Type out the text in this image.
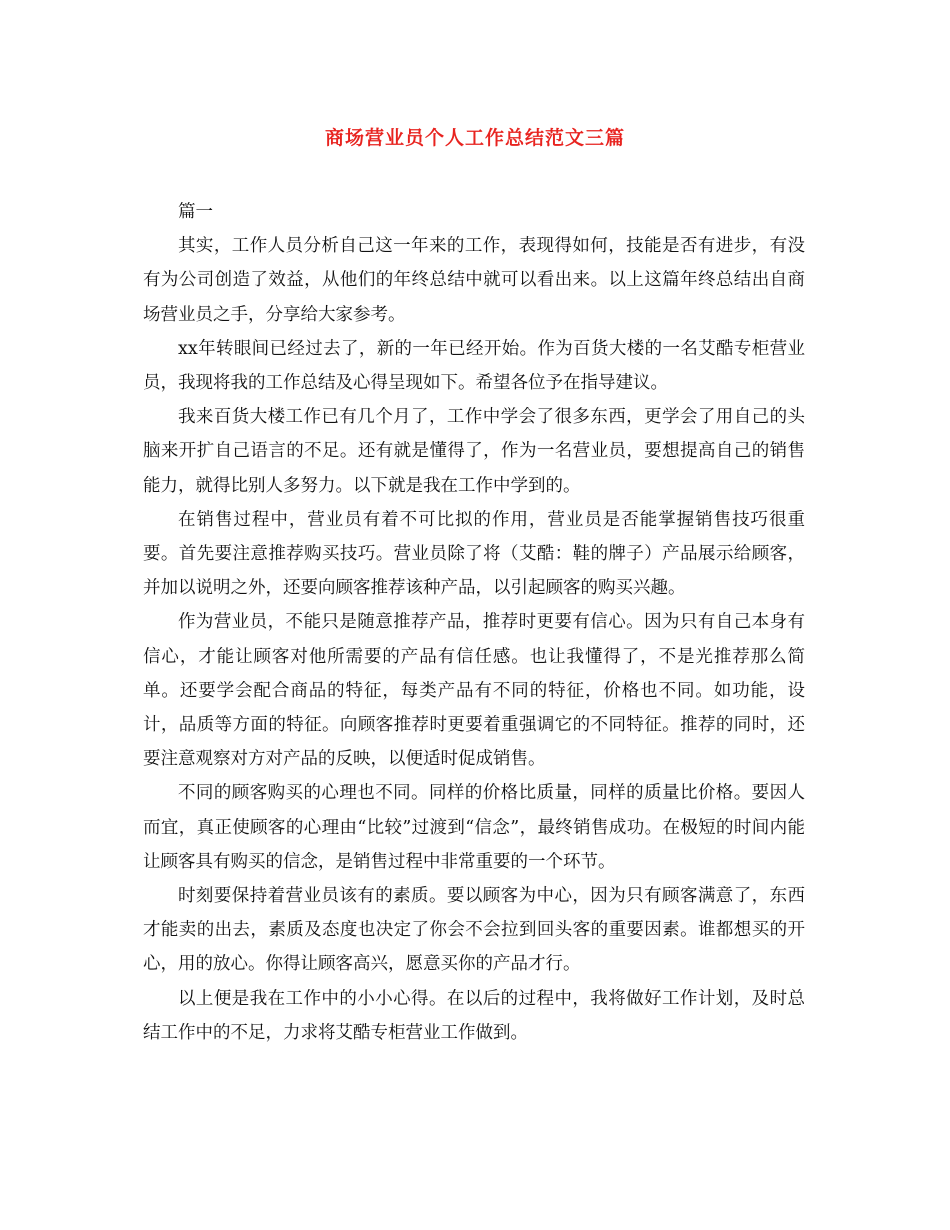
商场营业员个人工作总结范文三篇

篇一

其实，工作人员分析自己这一年来的工作，表现得如何，技能是否有进步，有没有为公司创造了效益，从他们的年终总结中就可以看出来。以上这篇年终总结出自商场营业员之手，分享给大家参考。

xx年转眼间已经过去了，新的一年已经开始。作为百货大楼的一名艾酷专柜营业员，我现将我的工作总结及心得呈现如下。希望各位予在指导建议。

我来百货大楼工作已有几个月了，工作中学会了很多东西，更学会了用自己的头脑来开扩自己语言的不足。还有就是懂得了，作为一名营业员，要想提高自己的销售能力，就得比别人多努力。以下就是我在工作中学到的。

在销售过程中，营业员有着不可比拟的作用，营业员是否能掌握销售技巧很重要。首先要注意推荐购买技巧。营业员除了将（艾酷：鞋的牌子）产品展示给顾客，并加以说明之外，还要向顾客推荐该种产品，以引起顾客的购买兴趣。

作为营业员，不能只是随意推荐产品，推荐时更要有信心。因为只有自己本身有信心，才能让顾客对他所需要的产品有信任感。也让我懂得了，不是光推荐那么简单。还要学会配合商品的特征，每类产品有不同的特征，价格也不同。如功能，设计，品质等方面的特征。向顾客推荐时更要着重强调它的不同特征。推荐的同时，还要注意观察对方对产品的反映，以便适时促成销售。

不同的顾客购买的心理也不同。同样的价格比质量，同样的质量比价格。要因人而宜，真正使顾客的心理由“比较”过渡到“信念”，最终销售成功。在极短的时间内能让顾客具有购买的信念，是销售过程中非常重要的一个环节。

时刻要保持着营业员该有的素质。要以顾客为中心，因为只有顾客满意了，东西才能卖的出去，素质及态度也决定了你会不会拉到回头客的重要因素。谁都想买的开心，用的放心。你得让顾客高兴，愿意买你的产品才行。

以上便是我在工作中的小小心得。在以后的过程中，我将做好工作计划，及时总结工作中的不足，力求将艾酷专柜营业工作做到。
